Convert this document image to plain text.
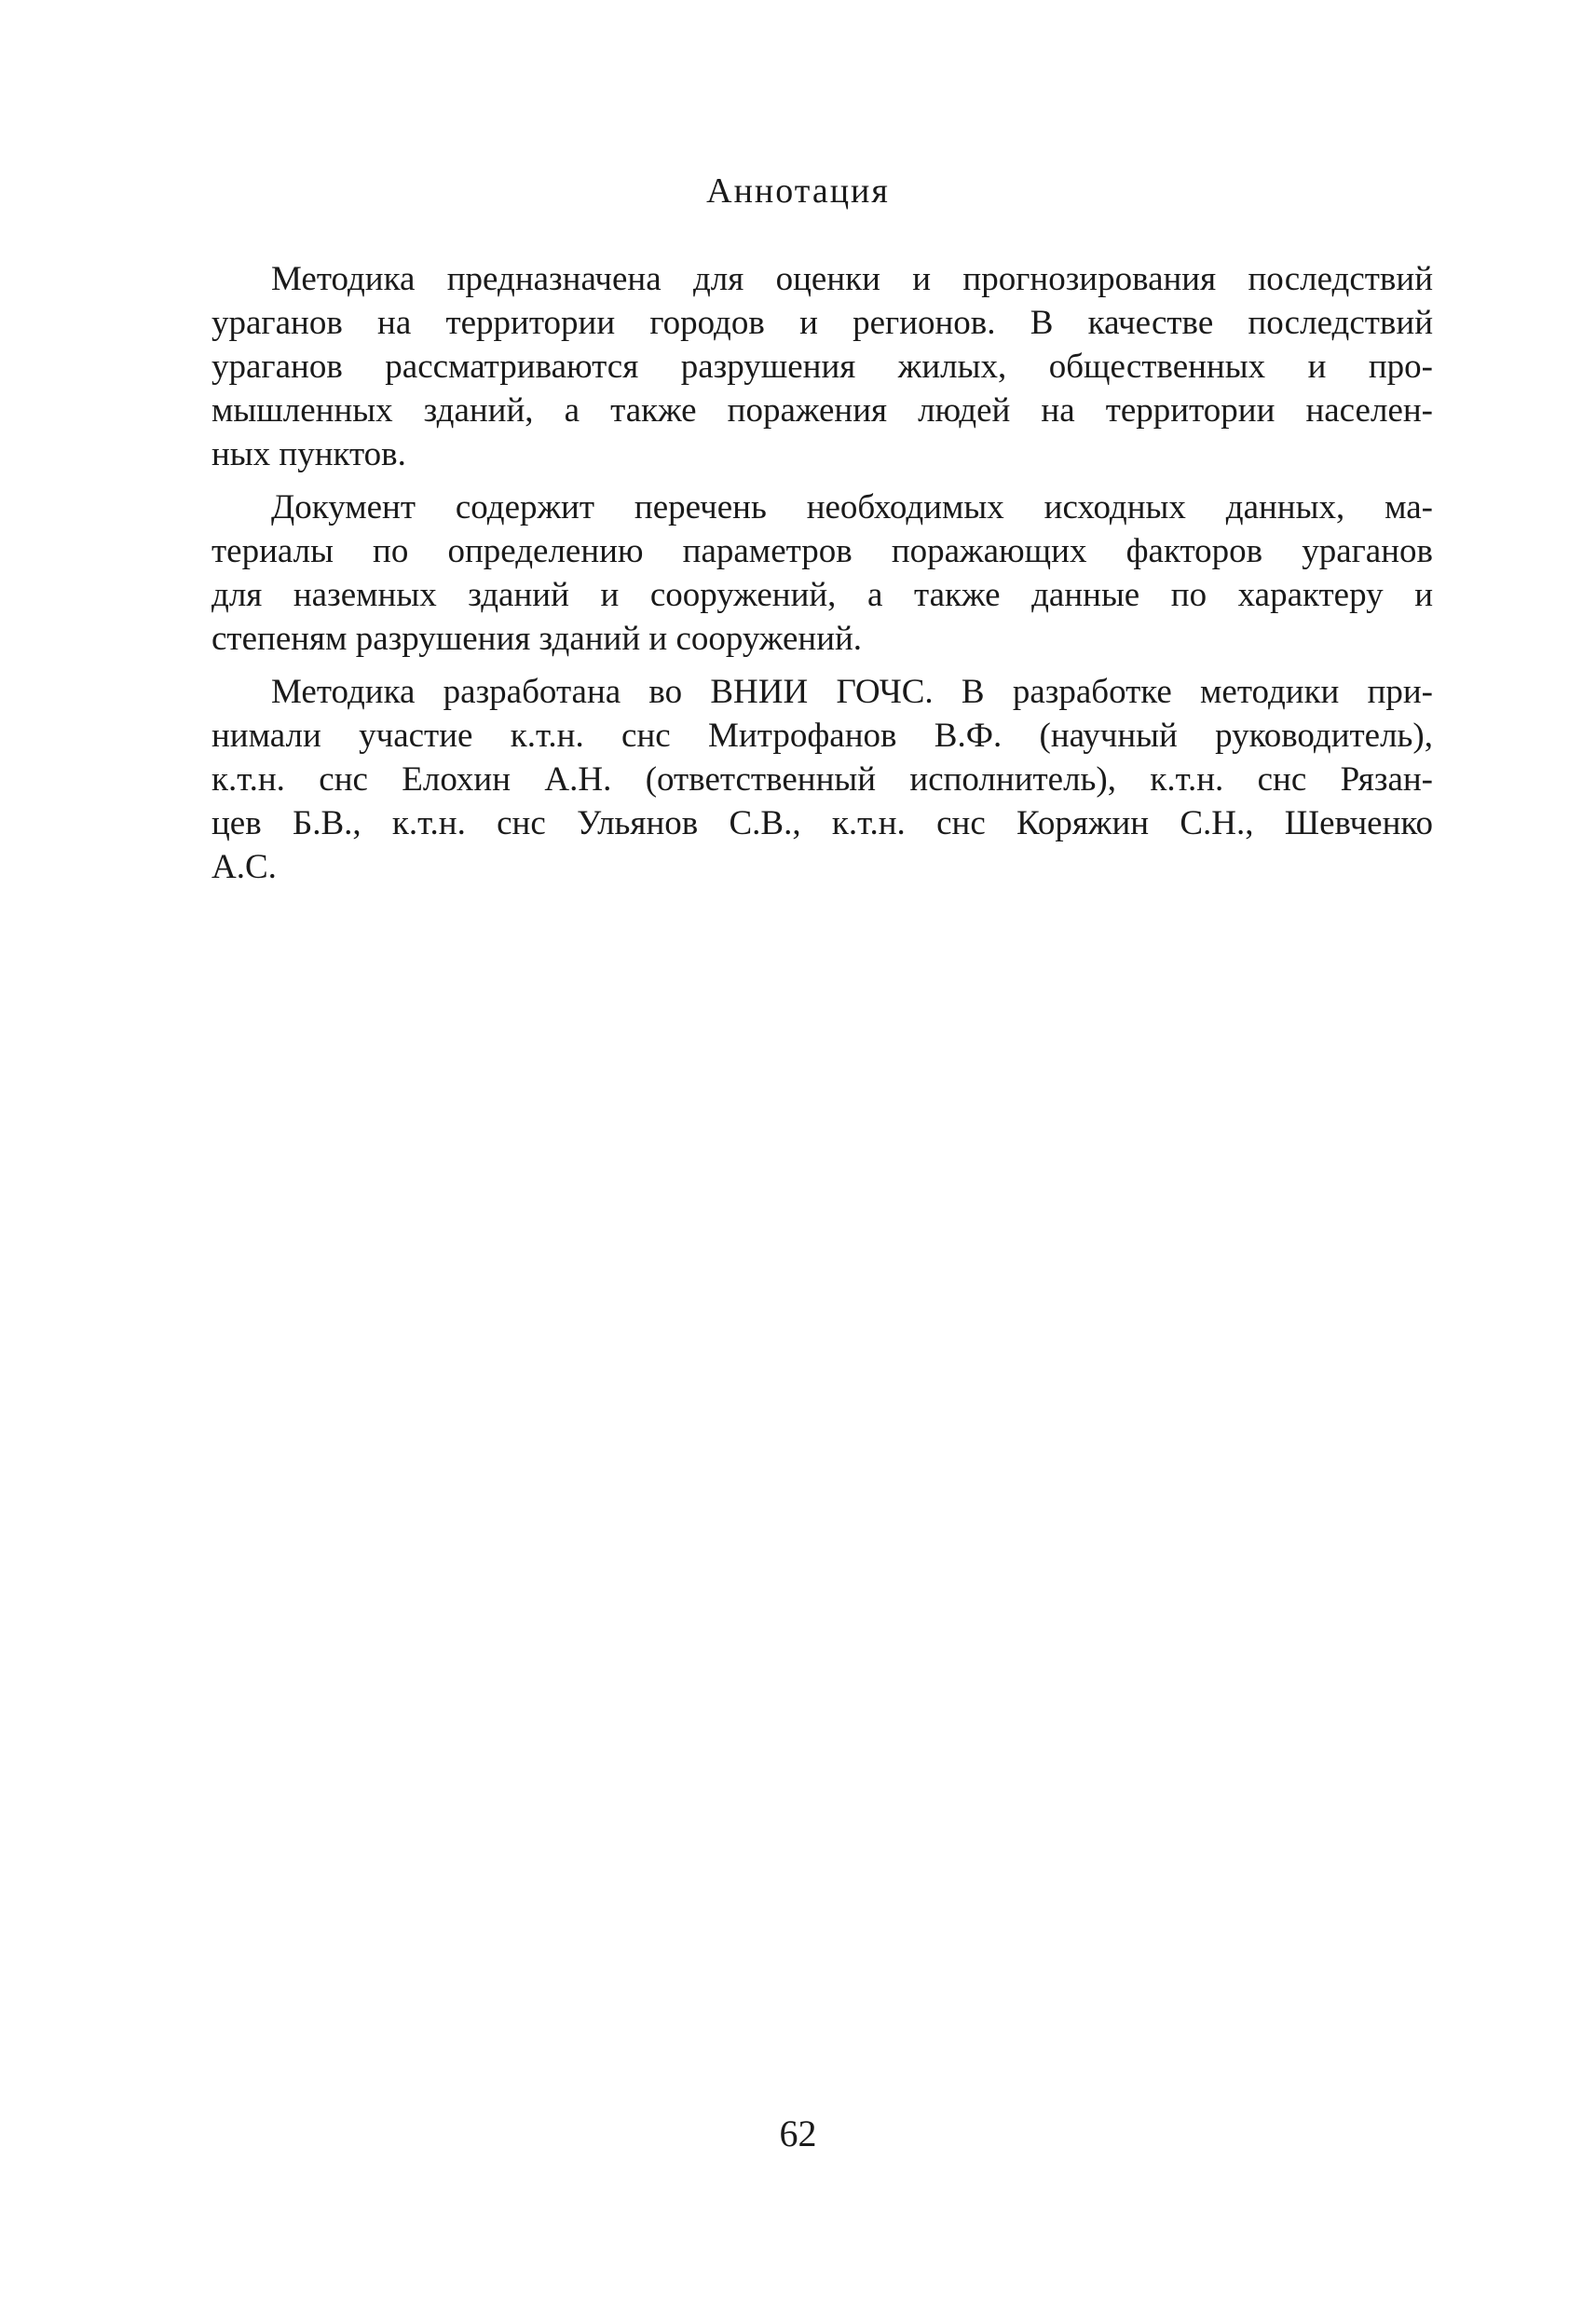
Аннотация

Методика предназначена для оценки и прогнозирования последствий
ураганов на территории городов и регионов. В качестве последствий
ураганов рассматриваются разрушения жилых, общественных и про-
мышленных зданий, а также поражения людей на территории населен-
ных пунктов.

Документ содержит перечень необходимых исходных данных, ма-
териалы по определению параметров поражающих факторов ураганов
для наземных зданий и сооружений, а также данные по характеру и
степеням разрушения зданий и сооружений.

Методика разработана во ВНИИ ГОЧС. В разработке методики при-
нимали участие к.т.н. снс Митрофанов В.Ф. (научный руководитель),
к.т.н. снс Елохин А.Н. (ответственный исполнитель), к.т.н. снс Рязан-
цев Б.В., к.т.н. снс Ульянов С.В., к.т.н. снс Коряжин С.Н., Шевченко
А.С.

62
